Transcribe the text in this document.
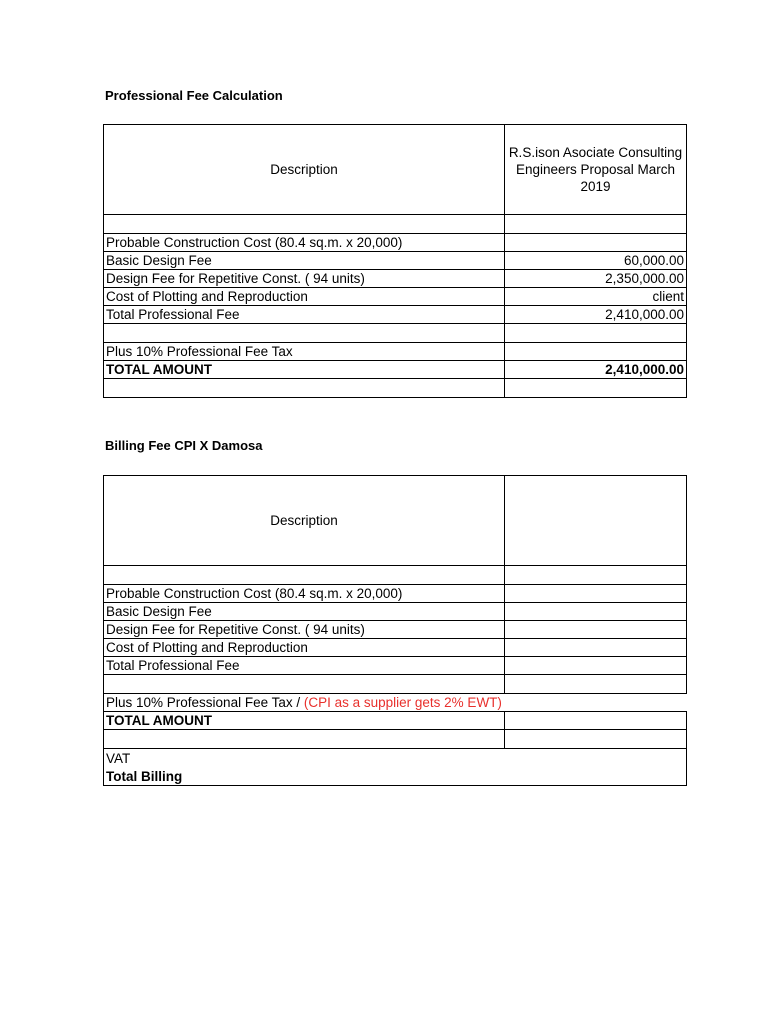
Professional Fee Calculation
Description	R.S.ison Asociate Consulting Engineers Proposal March 2019

Probable Construction Cost (80.4 sq.m. x 20,000)	
Basic Design Fee	60,000.00
Design Fee for Repetitive Const. ( 94 units)	2,350,000.00
Cost of Plotting and Reproduction	client
Total Professional Fee	2,410,000.00

Plus 10% Professional Fee Tax	
TOTAL AMOUNT	2,410,000.00

Billing Fee CPI X Damosa
Description	

Probable Construction Cost (80.4 sq.m. x 20,000)	
Basic Design Fee	
Design Fee for Repetitive Const. ( 94 units)	
Cost of Plotting and Reproduction	
Total Professional Fee	

Plus 10% Professional Fee Tax / (CPI as a supplier gets 2% EWT)	
TOTAL AMOUNT	

VAT	
Total Billing	
